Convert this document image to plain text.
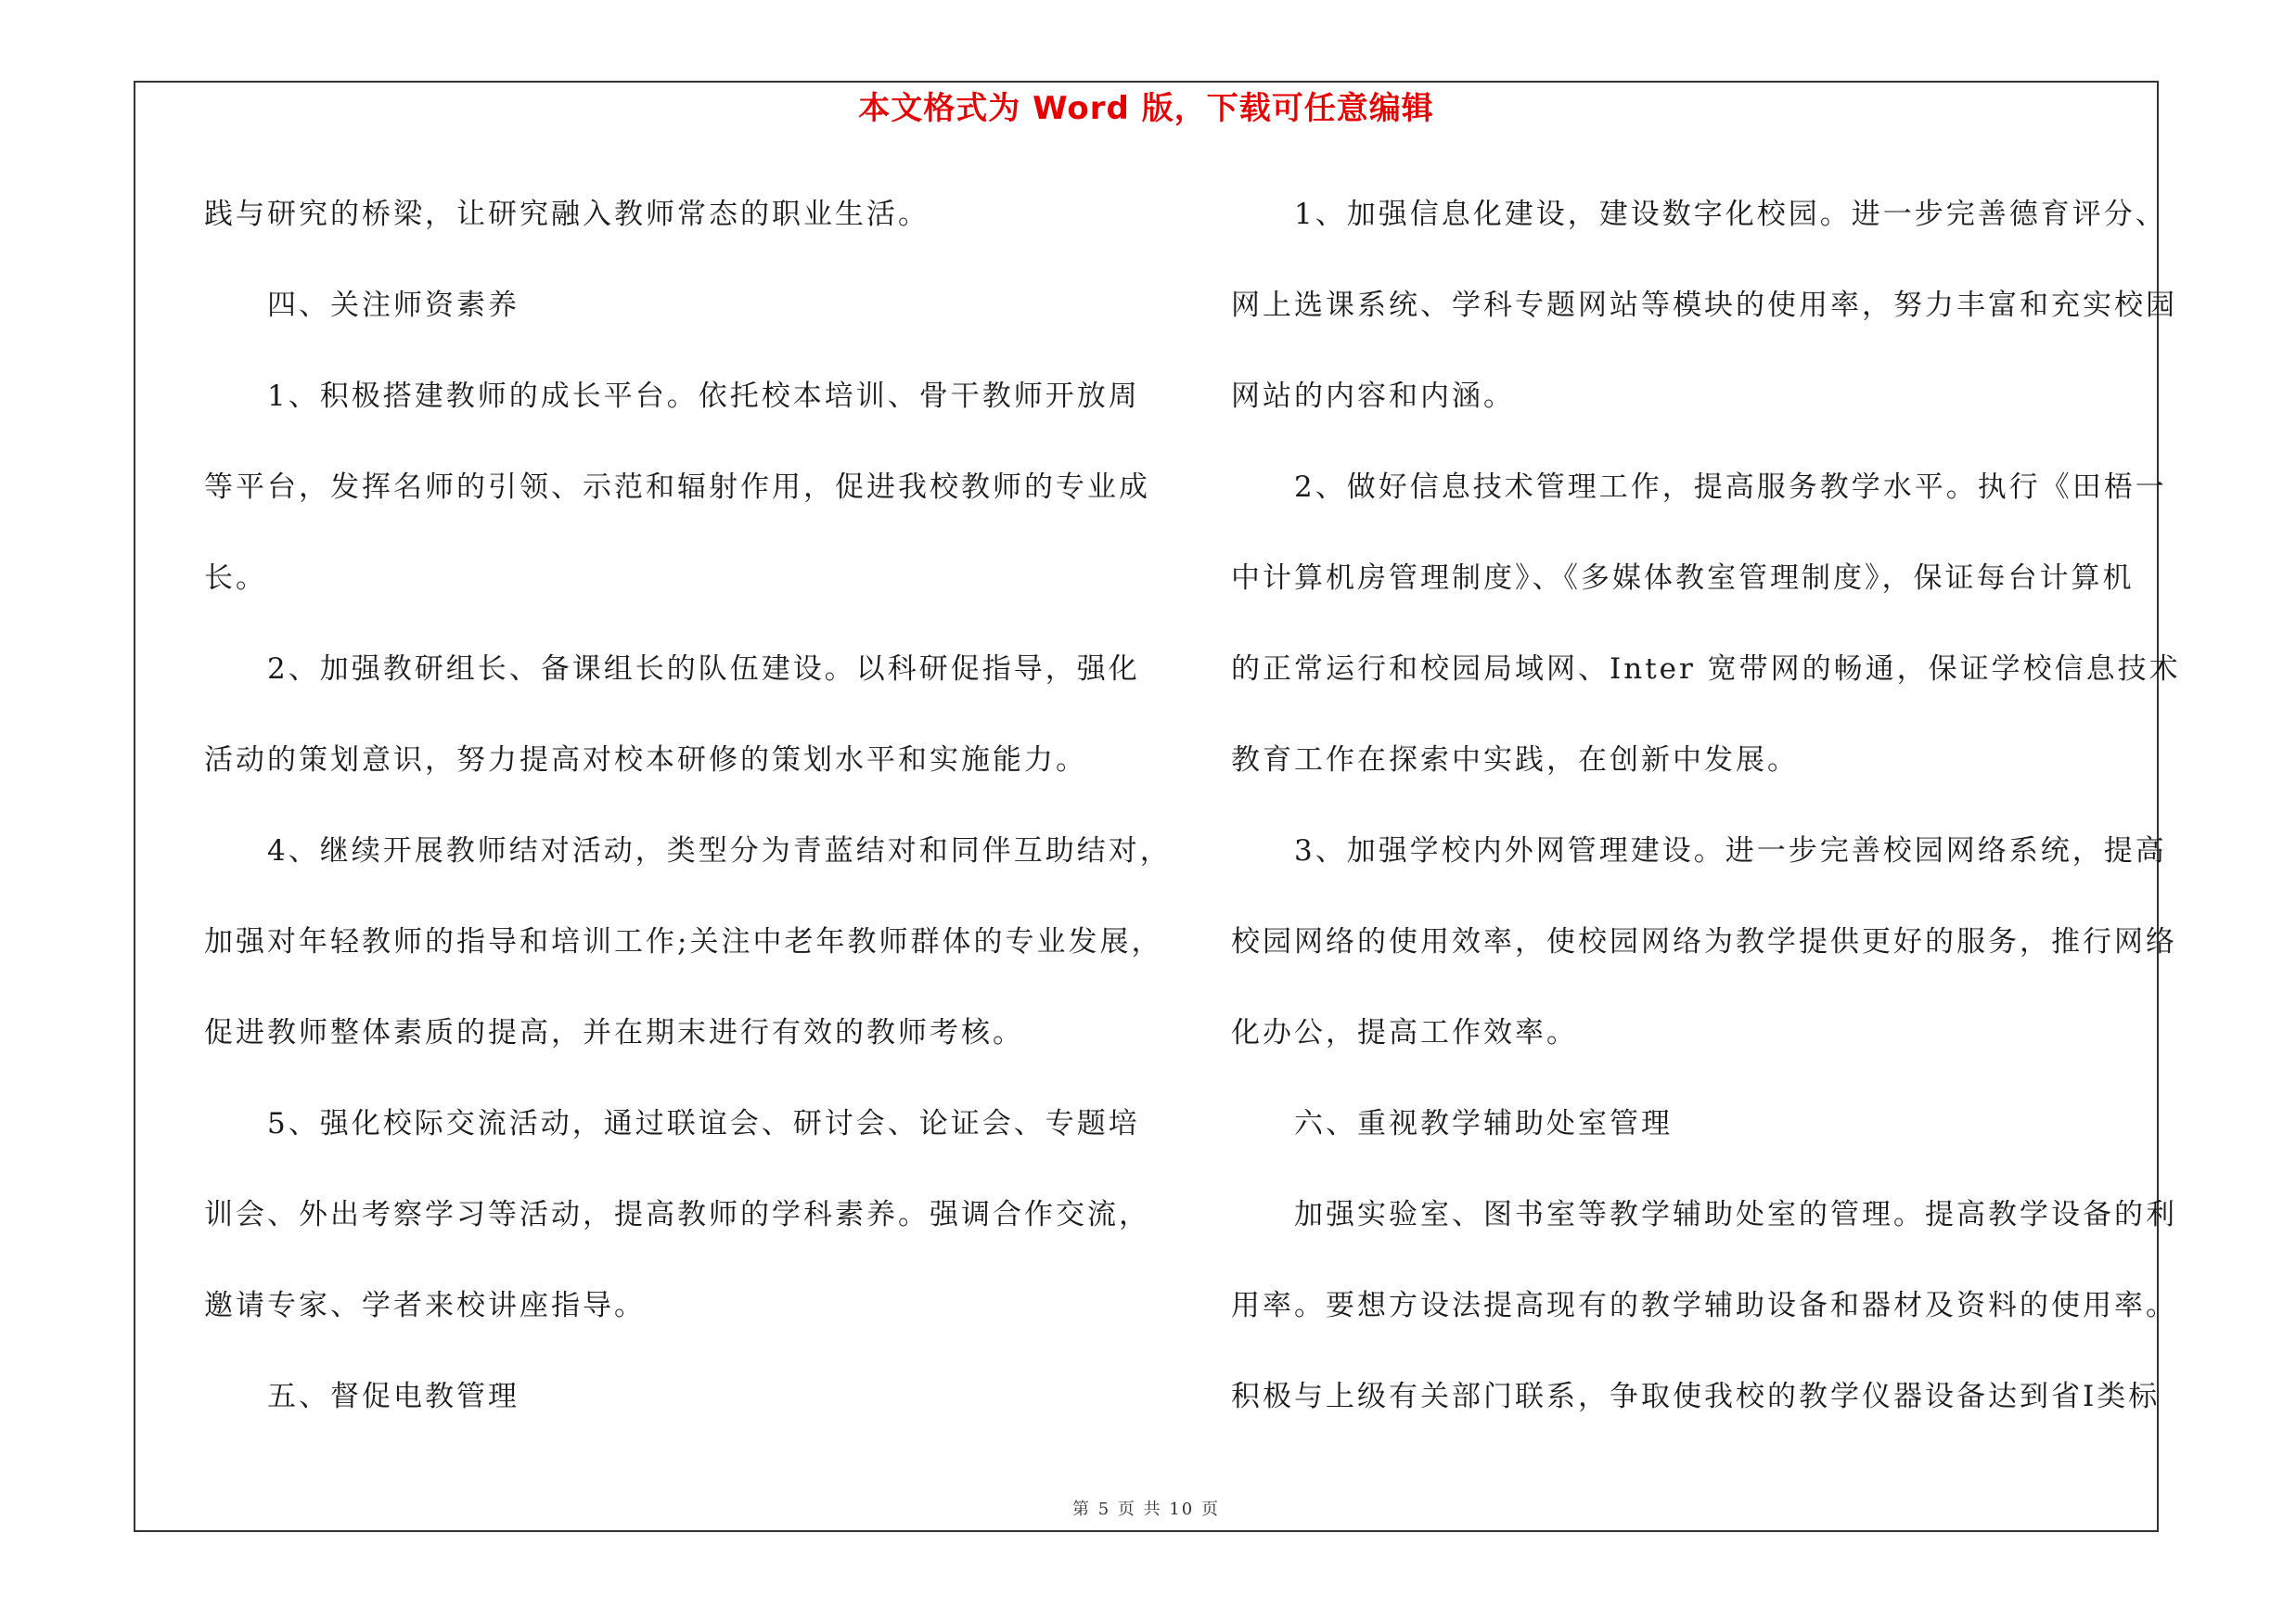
本文格式为 Word 版，下载可任意编辑

践与研究的桥梁，让研究融入教师常态的职业生活。

四、关注师资素养

1、积极搭建教师的成长平台。依托校本培训、骨干教师开放周

等平台，发挥名师的引领、示范和辐射作用，促进我校教师的专业成

长。

2、加强教研组长、备课组长的队伍建设。以科研促指导，强化

活动的策划意识，努力提高对校本研修的策划水平和实施能力。

4、继续开展教师结对活动，类型分为青蓝结对和同伴互助结对，

加强对年轻教师的指导和培训工作;关注中老年教师群体的专业发展，

促进教师整体素质的提高，并在期末进行有效的教师考核。

5、强化校际交流活动，通过联谊会、研讨会、论证会、专题培

训会、外出考察学习等活动，提高教师的学科素养。强调合作交流，

邀请专家、学者来校讲座指导。

五、督促电教管理

1、加强信息化建设，建设数字化校园。进一步完善德育评分、

网上选课系统、学科专题网站等模块的使用率，努力丰富和充实校园

网站的内容和内涵。

2、做好信息技术管理工作，提高服务教学水平。执行《田梧一

中计算机房管理制度》、《多媒体教室管理制度》，保证每台计算机

的正常运行和校园局域网、Inter 宽带网的畅通，保证学校信息技术

教育工作在探索中实践，在创新中发展。

3、加强学校内外网管理建设。进一步完善校园网络系统，提高

校园网络的使用效率，使校园网络为教学提供更好的服务，推行网络

化办公，提高工作效率。

六、重视教学辅助处室管理

加强实验室、图书室等教学辅助处室的管理。提高教学设备的利

用率。要想方设法提高现有的教学辅助设备和器材及资料的使用率。

积极与上级有关部门联系，争取使我校的教学仪器设备达到省Ⅰ类标

第 5 页 共 10 页
